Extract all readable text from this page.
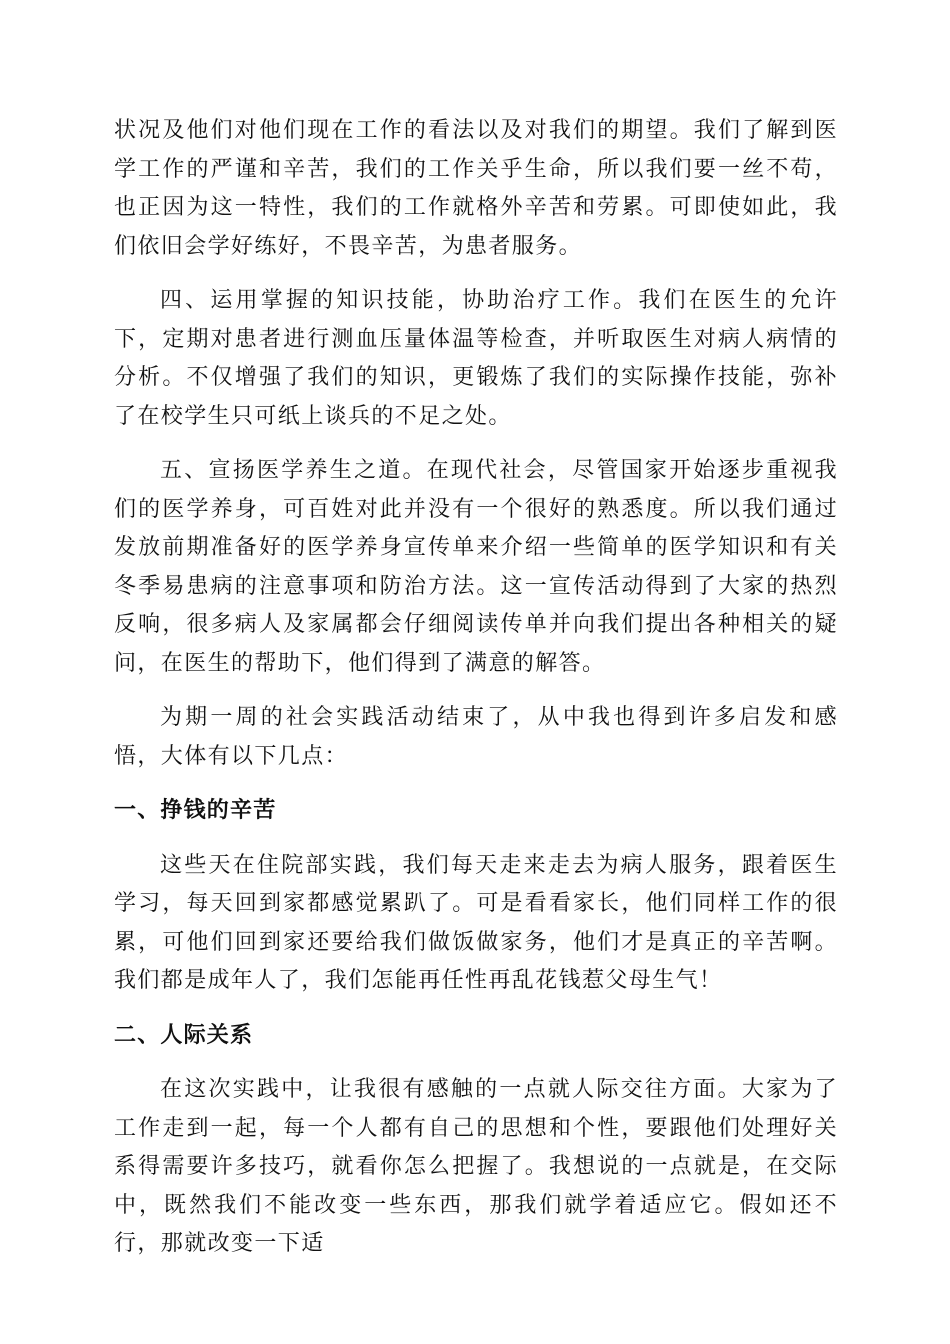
状况及他们对他们现在工作的看法以及对我们的期望。我们了解到医学工作的严谨和辛苦，我们的工作关乎生命，所以我们要一丝不苟，也正因为这一特性，我们的工作就格外辛苦和劳累。可即使如此，我们依旧会学好练好，不畏辛苦，为患者服务。

四、运用掌握的知识技能，协助治疗工作。我们在医生的允许下，定期对患者进行测血压量体温等检查，并听取医生对病人病情的分析。不仅增强了我们的知识，更锻炼了我们的实际操作技能，弥补了在校学生只可纸上谈兵的不足之处。

五、宣扬医学养生之道。在现代社会，尽管国家开始逐步重视我们的医学养身，可百姓对此并没有一个很好的熟悉度。所以我们通过发放前期准备好的医学养身宣传单来介绍一些简单的医学知识和有关冬季易患病的注意事项和防治方法。这一宣传活动得到了大家的热烈反响，很多病人及家属都会仔细阅读传单并向我们提出各种相关的疑问，在医生的帮助下，他们得到了满意的解答。

为期一周的社会实践活动结束了，从中我也得到许多启发和感悟，大体有以下几点：

一、挣钱的辛苦

这些天在住院部实践，我们每天走来走去为病人服务，跟着医生学习，每天回到家都感觉累趴了。可是看看家长，他们同样工作的很累，可他们回到家还要给我们做饭做家务，他们才是真正的辛苦啊。我们都是成年人了，我们怎能再任性再乱花钱惹父母生气！

二、人际关系

在这次实践中，让我很有感触的一点就人际交往方面。大家为了工作走到一起，每一个人都有自己的思想和个性，要跟他们处理好关系得需要许多技巧，就看你怎么把握了。我想说的一点就是，在交际中，既然我们不能改变一些东西，那我们就学着适应它。假如还不行，那就改变一下适
